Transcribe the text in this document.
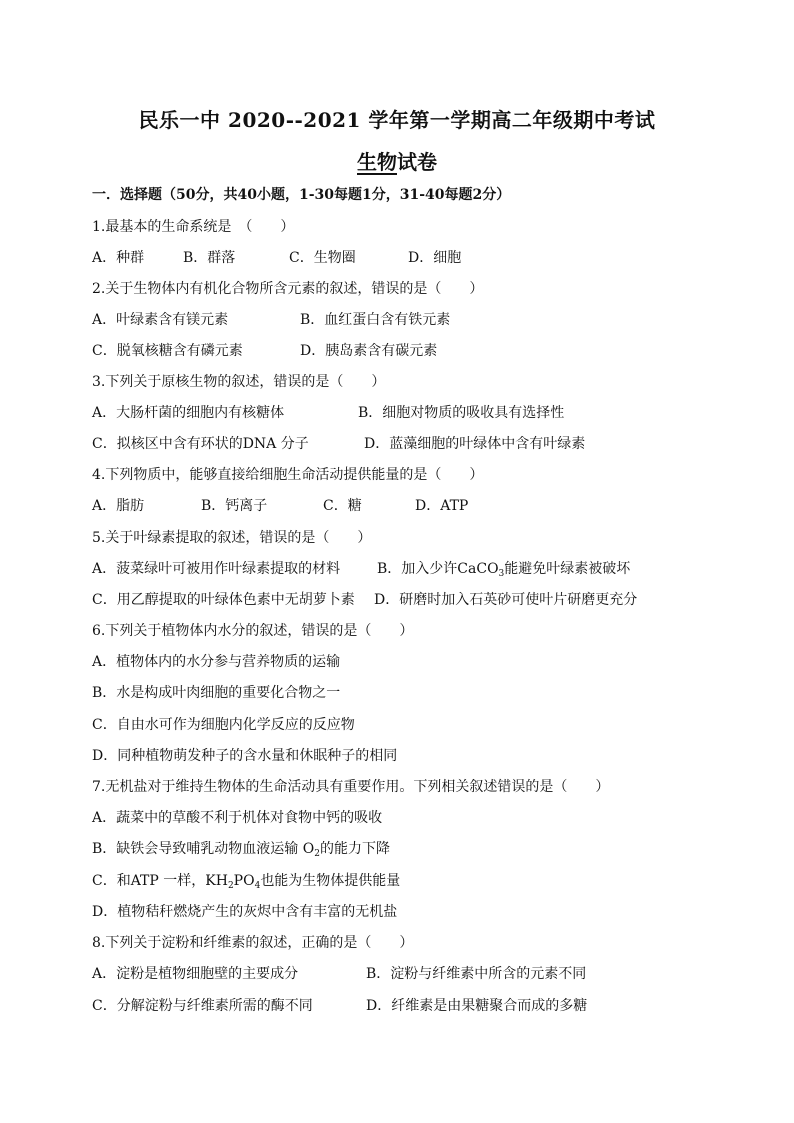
民乐一中 2020--2021 学年第一学期高二年级期中考试
生物试卷
一．选择题（50分，共40小题，1-30每题1分，31-40每题2分）
1.最基本的生命系统是　（　　）
A．种群	B．群落	C．生物圈	D．细胞
2.关于生物体内有机化合物所含元素的叙述，错误的是（　　）
A．叶绿素含有镁元素	B．血红蛋白含有铁元素
C．脱氧核糖含有磷元素	D．胰岛素含有碳元素
3.下列关于原核生物的叙述，错误的是（　　）
A．大肠杆菌的细胞内有核糖体	B．细胞对物质的吸收具有选择性
C．拟核区中含有环状的DNA 分子	D．蓝藻细胞的叶绿体中含有叶绿素
4.下列物质中，能够直接给细胞生命活动提供能量的是（　　）
A．脂肪	B．钙离子	C．糖	D．ATP
5.关于叶绿素提取的叙述，错误的是（　　）
A．菠菜绿叶可被用作叶绿素提取的材料	B．加入少许CaCO$_3$能避免叶绿素被破坏
C．用乙醇提取的叶绿体色素中无胡萝卜素 D．研磨时加入石英砂可使叶片研磨更充分
6.下列关于植物体内水分的叙述，错误的是（　　）
A．植物体内的水分参与营养物质的运输
B．水是构成叶肉细胞的重要化合物之一
C．自由水可作为细胞内化学反应的反应物
D．同种植物萌发种子的含水量和休眠种子的相同
7.无机盐对于维持生物体的生命活动具有重要作用。下列相关叙述错误的是（　　）
A．蔬菜中的草酸不利于机体对食物中钙的吸收
B．缺铁会导致哺乳动物血液运输 $O_2$的能力下降
C．和ATP 一样，$KH_2PO_4$也能为生物体提供能量
D．植物秸秆燃烧产生的灰烬中含有丰富的无机盐
8.下列关于淀粉和纤维素的叙述，正确的是（　　）
A．淀粉是植物细胞壁的主要成分	B．淀粉与纤维素中所含的元素不同
C．分解淀粉与纤维素所需的酶不同	D．纤维素是由果糖聚合而成的多糖
